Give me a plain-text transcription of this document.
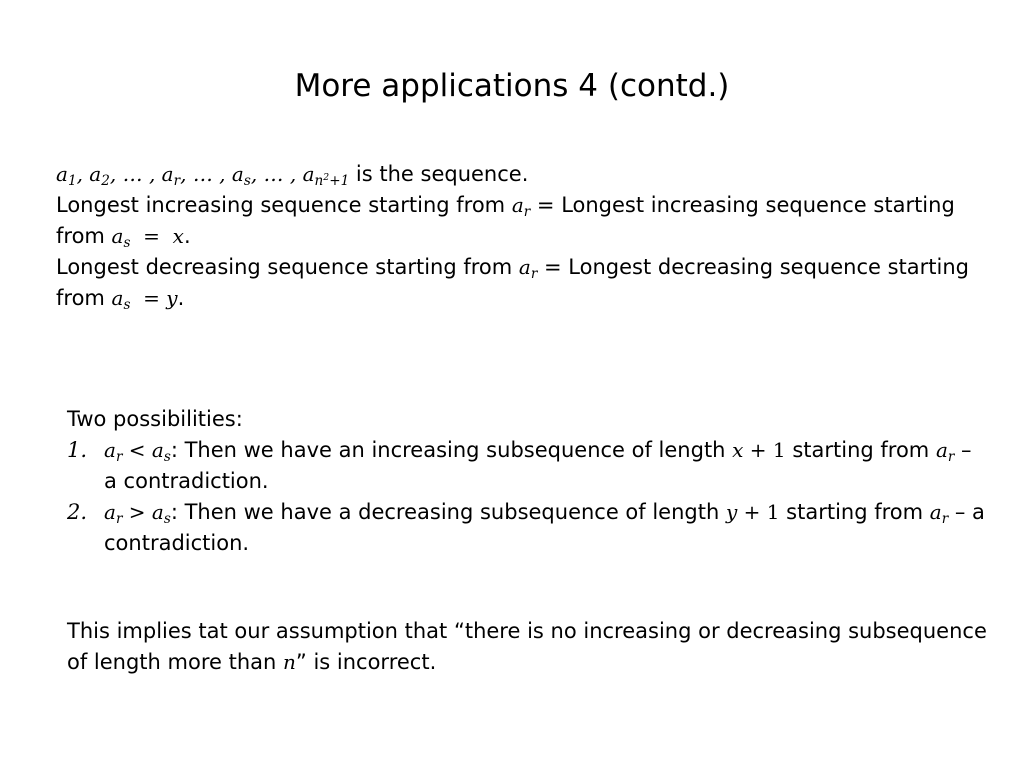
More applications 4 (contd.)
$a_1$, $a_2$, … , $a_r$, … , $a_s$, … , $a_{n^2+1}$ is the sequence.
Longest increasing sequence starting from $a_r$ = Longest increasing sequence starting from $a_s = x$.
Longest decreasing sequence starting from $a_r$ = Longest decreasing sequence starting from $a_s = y$.
Two possibilities:
1. $a_r < a_s$: Then we have an increasing subsequence of length x + 1 starting from $a_r$ – a contradiction.
2. $a_r > a_s$: Then we have a decreasing subsequence of length y + 1 starting from $a_r$ – a contradiction.
This implies tat our assumption that “there is no increasing or decreasing subsequence of length more than n” is incorrect.
